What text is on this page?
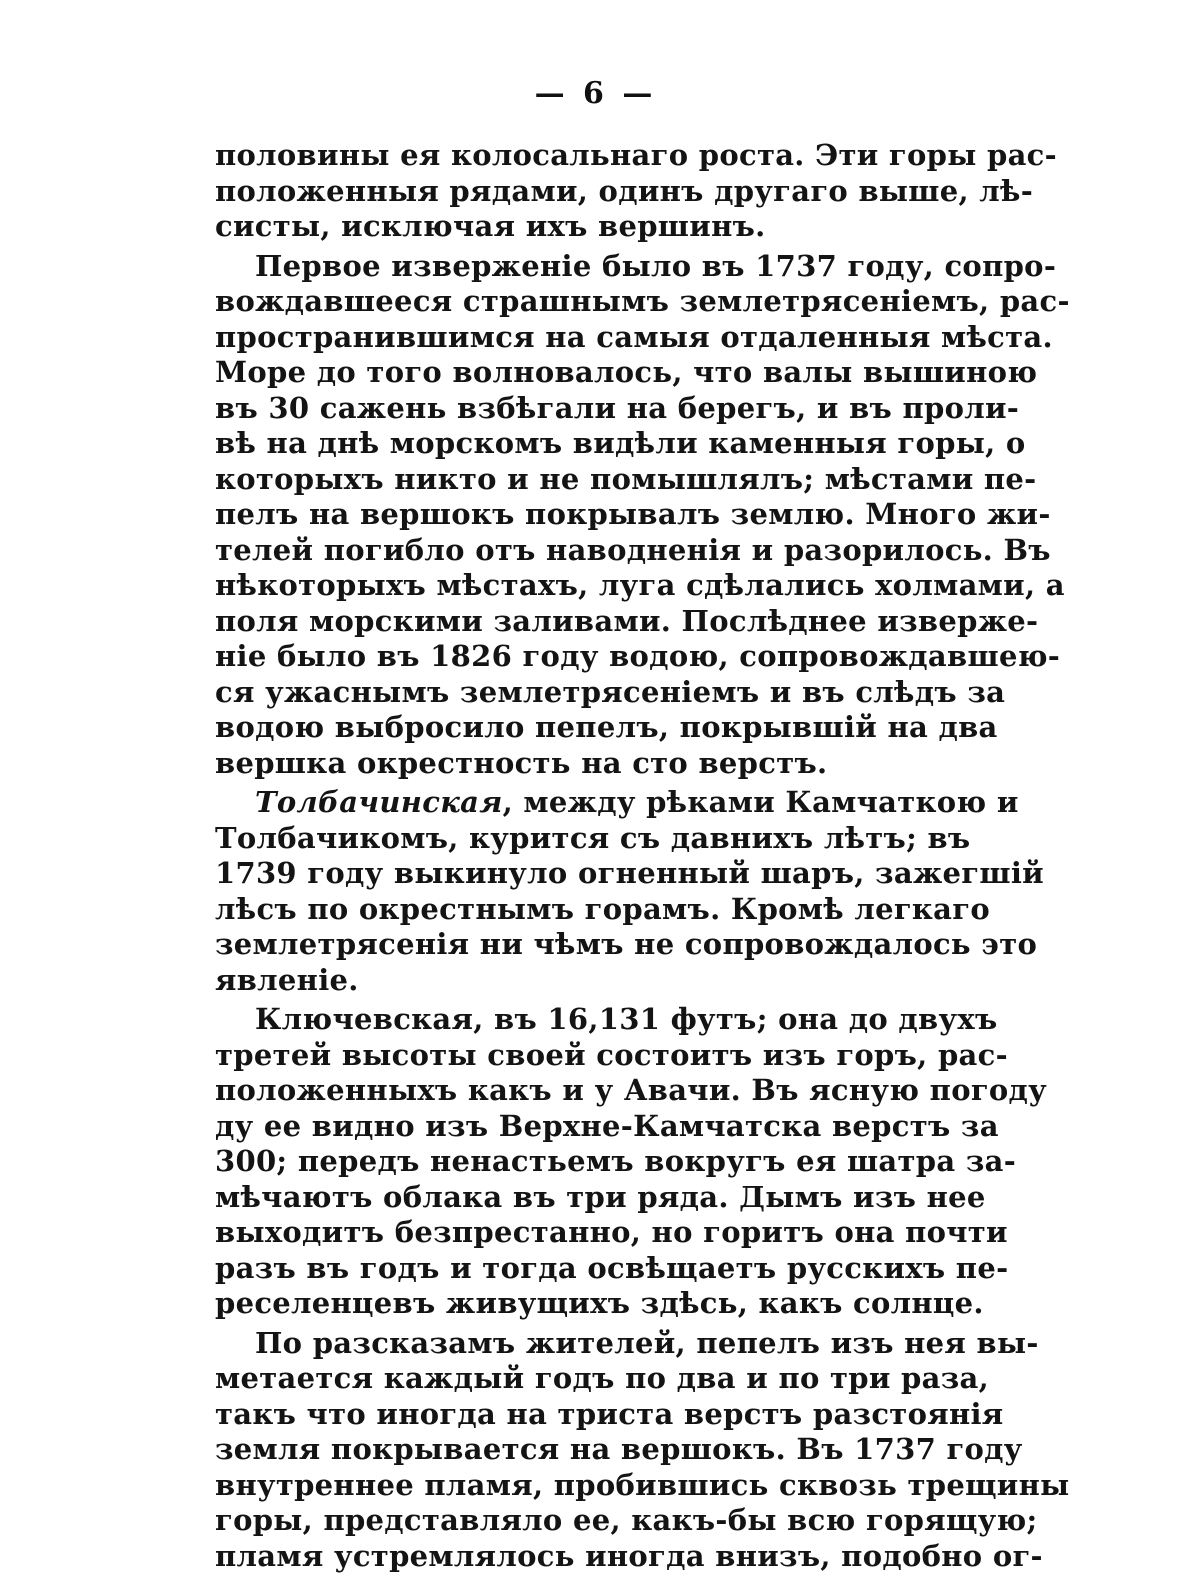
— 6 —

половины ея колосальнаго роста. Эти горы рас-
положенныя рядами, одинъ другаго выше, лѣ-
систы, исключая ихъ вершинъ.
Первое изверженіе было въ 1737 году, сопро-
вождавшееся страшнымъ землетрясеніемъ, рас-
пространившимся на самыя отдаленныя мѣста.
Море до того волновалось, что валы вышиною
въ 30 сажень взбѣгали на берегъ, и въ проли-
вѣ на днѣ морскомъ видѣли каменныя горы, о
которыхъ никто и не помышлялъ; мѣстами пе-
пелъ на вершокъ покрывалъ землю. Много жи-
телей погибло отъ наводненія и разорилось. Въ
нѣкоторыхъ мѣстахъ, луга сдѣлались холмами, а
поля морскими заливами. Послѣднее изверже-
ніе было въ 1826 году водою, сопровождавшею-
ся ужаснымъ землетрясеніемъ и въ слѣдъ за
водою выбросило пепелъ, покрывшій на два
вершка окрестность на сто верстъ.
Толбачинская, между рѣками Камчаткою и
Толбачикомъ, курится съ давнихъ лѣтъ; въ
1739 году выкинуло огненный шаръ, зажегшій
лѣсъ по окрестнымъ горамъ. Кромѣ легкаго
землетрясенія ни чѣмъ не сопровождалось это
явленіе.
Ключевская, въ 16,131 футъ; она до двухъ
третей высоты своей состоитъ изъ горъ, рас-
положенныхъ какъ и у Авачи. Въ ясную погоду
ду ее видно изъ Верхне-Камчатска верстъ за
300; передъ ненастьемъ вокругъ ея шатра за-
мѣчаютъ облака въ три ряда. Дымъ изъ нее
выходитъ безпрестанно, но горитъ она почти
разъ въ годъ и тогда освѣщаетъ русскихъ пе-
реселенцевъ живущихъ здѣсь, какъ солнце.
По разсказамъ жителей, пепелъ изъ нея вы-
метается каждый годъ по два и по три раза,
такъ что иногда на триста верстъ разстоянія
земля покрывается на вершокъ. Въ 1737 году
внутреннее пламя, пробившись сквозь трещины
горы, представляло ее, какъ-бы всю горящую;
пламя устремлялось иногда внизъ, подобно ог-
